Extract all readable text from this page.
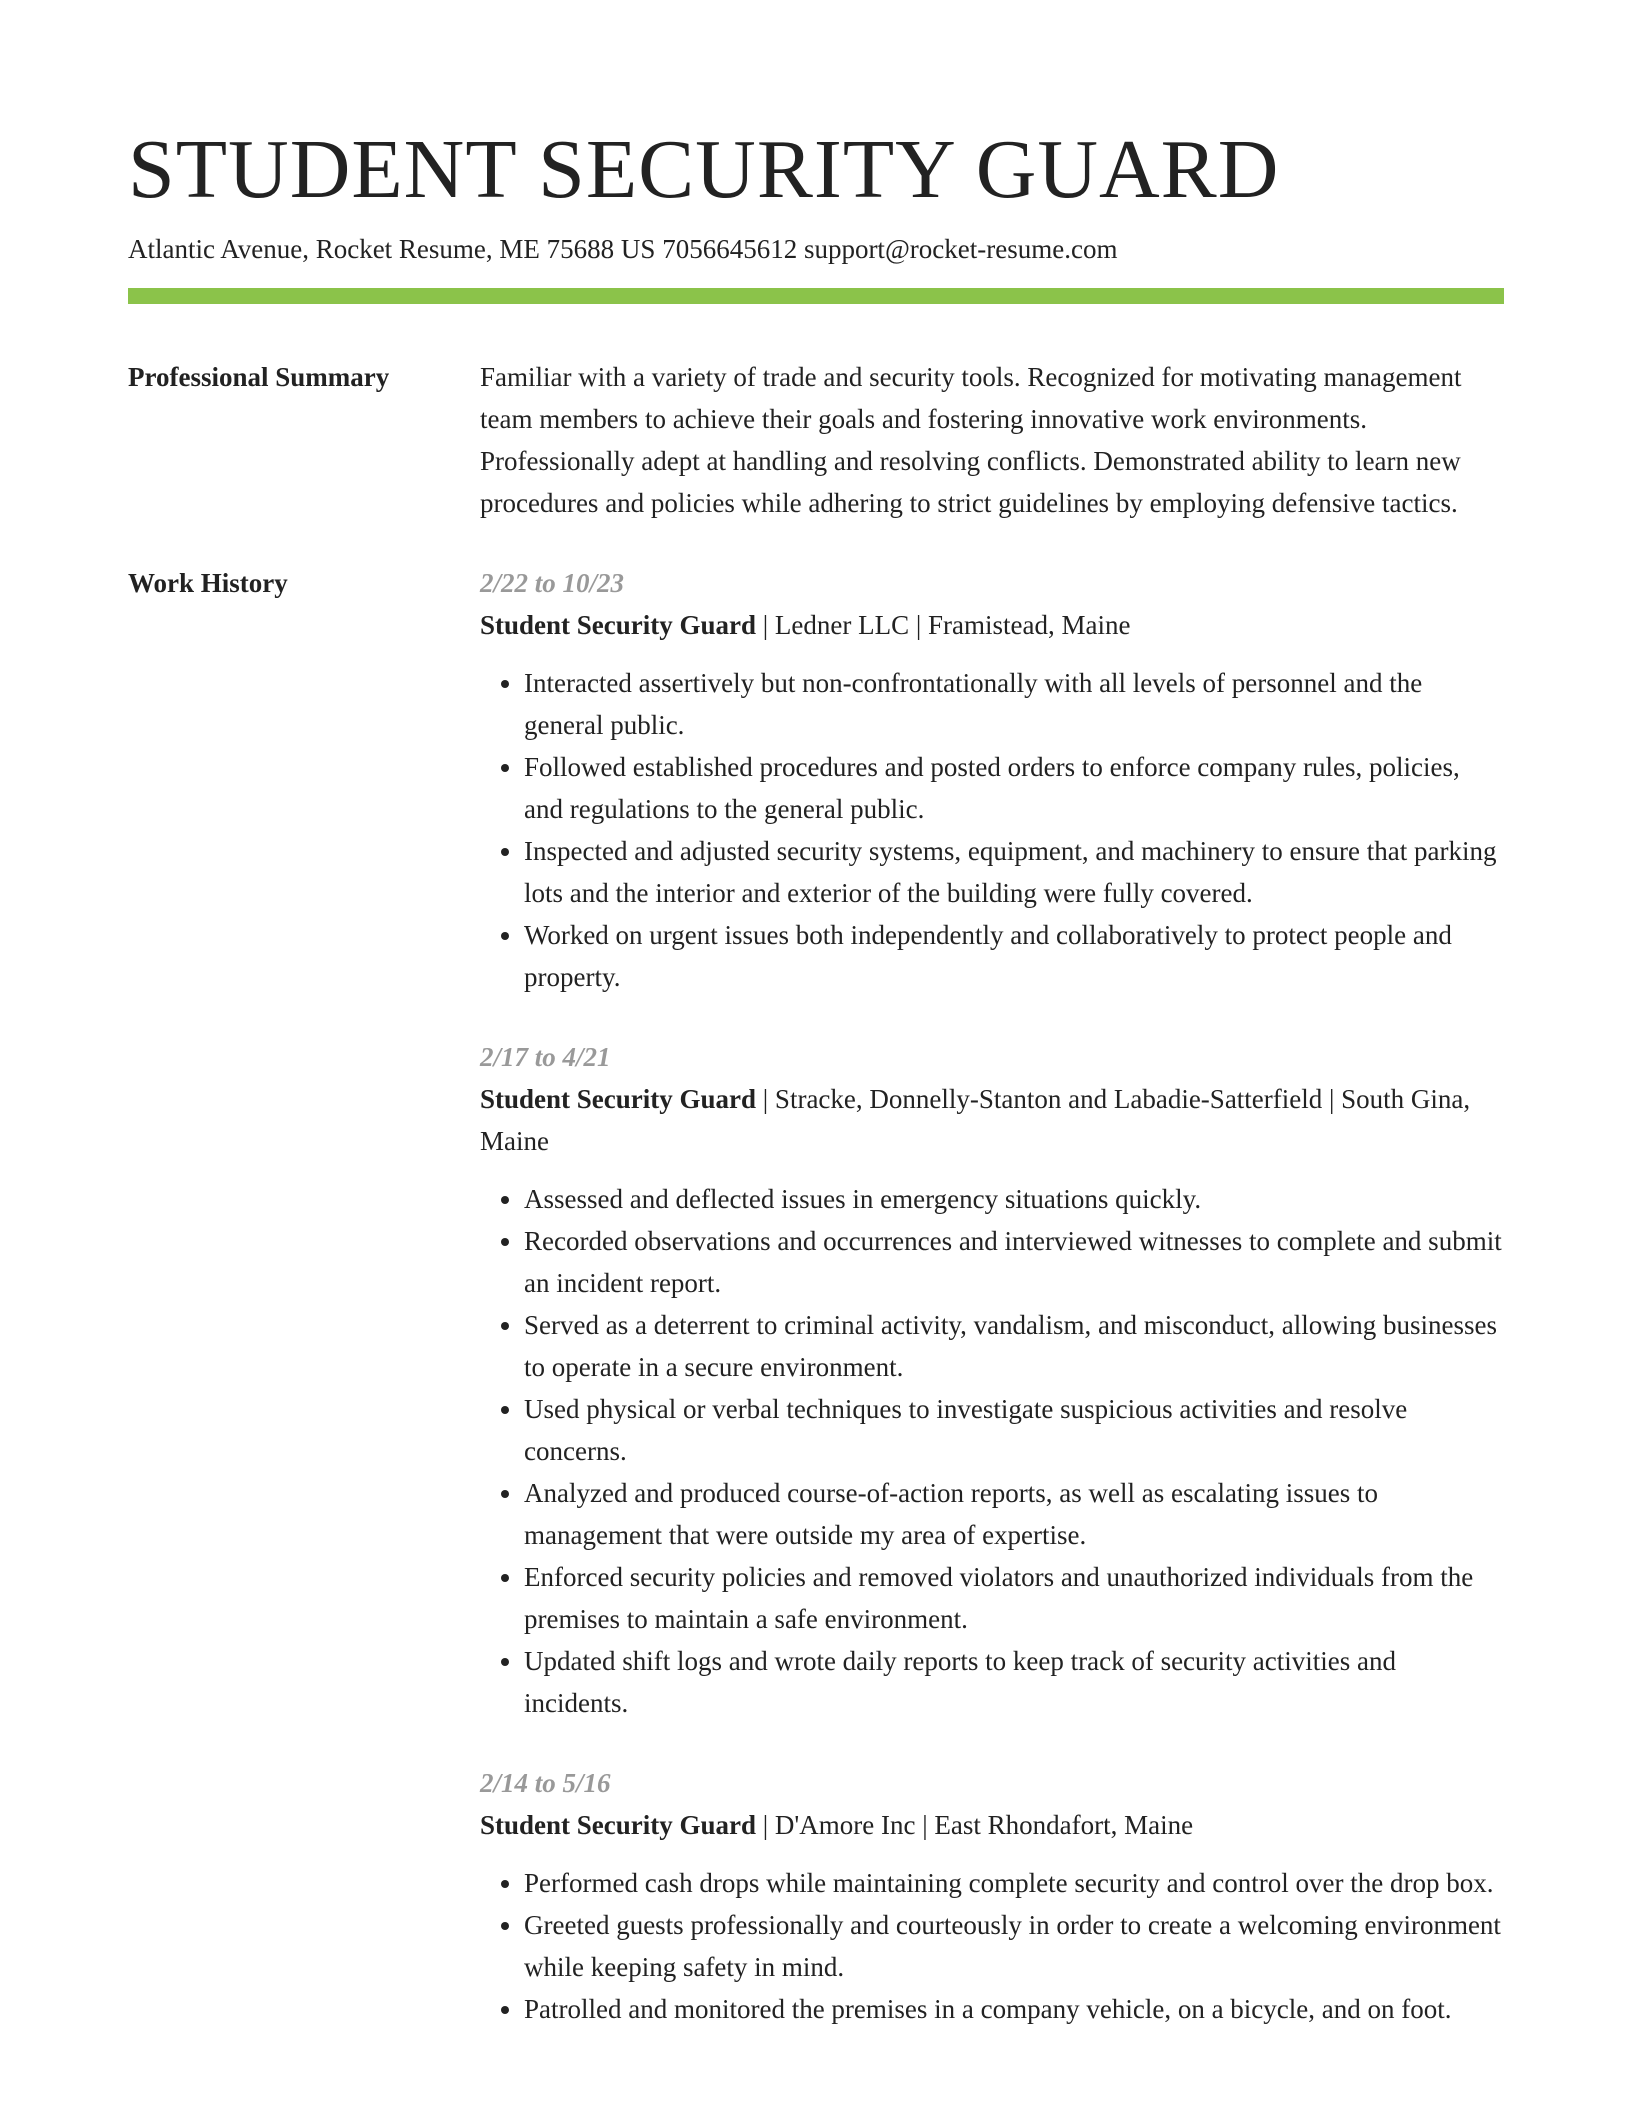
STUDENT SECURITY GUARD
Atlantic Avenue, Rocket Resume, ME 75688 US 7056645612 support@rocket-resume.com
Professional Summary	Familiar with a variety of trade and security tools. Recognized for motivating management team members to achieve their goals and fostering innovative work environments. Professionally adept at handling and resolving conflicts. Demonstrated ability to learn new procedures and policies while adhering to strict guidelines by employing defensive tactics.

Work History	2/22 to 10/23
Student Security Guard | Ledner LLC | Framistead, Maine
• Interacted assertively but non-confrontationally with all levels of personnel and the general public.
• Followed established procedures and posted orders to enforce company rules, policies, and regulations to the general public.
• Inspected and adjusted security systems, equipment, and machinery to ensure that parking lots and the interior and exterior of the building were fully covered.
• Worked on urgent issues both independently and collaboratively to protect people and property.
2/17 to 4/21
Student Security Guard | Stracke, Donnelly-Stanton and Labadie-Satterfield | South Gina, Maine
• Assessed and deflected issues in emergency situations quickly.
• Recorded observations and occurrences and interviewed witnesses to complete and submit an incident report.
• Served as a deterrent to criminal activity, vandalism, and misconduct, allowing businesses to operate in a secure environment.
• Used physical or verbal techniques to investigate suspicious activities and resolve concerns.
• Analyzed and produced course-of-action reports, as well as escalating issues to management that were outside my area of expertise.
• Enforced security policies and removed violators and unauthorized individuals from the premises to maintain a safe environment.
• Updated shift logs and wrote daily reports to keep track of security activities and incidents.
2/14 to 5/16
Student Security Guard | D'Amore Inc | East Rhondafort, Maine
• Performed cash drops while maintaining complete security and control over the drop box.
• Greeted guests professionally and courteously in order to create a welcoming environment while keeping safety in mind.
• Patrolled and monitored the premises in a company vehicle, on a bicycle, and on foot.
